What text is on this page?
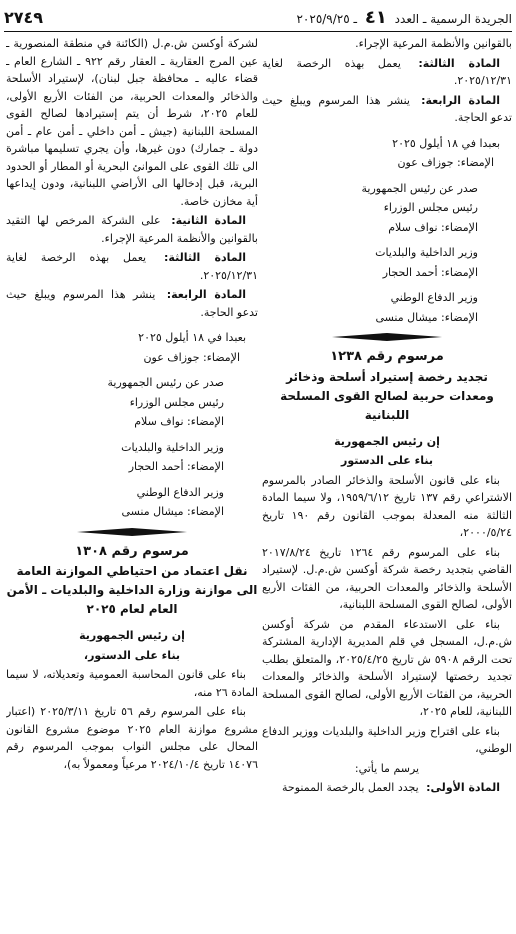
الجريدة الرسمية ـ العدد ٤١ ـ ٢٠٢٥/٩/٢٥
٢٧٤٩

بالقوانين والأنظمة المرعية الإجراء.

المادة الثالثة: يعمل بهذه الرخصة لغاية ٢٠٢٥/١٢/٣١.

المادة الرابعة: ينشر هذا المرسوم ويبلغ حيث تدعو الحاجة.

بعبدا في ١٨ أيلول ٢٠٢٥

الإمضاء: جوزاف عون

صدر عن رئيس الجمهورية

رئيس مجلس الوزراء

الإمضاء: نواف سلام

وزير الداخلية والبلديات

الإمضاء: أحمد الحجار

وزير الدفاع الوطني

الإمضاء: ميشال منسى

مرسوم رقم ١٢٣٨

تجديد رخصة إستيراد أسلحة وذخائر ومعدات حربية لصالح القوى المسلحة اللبنانية

إن رئيس الجمهورية

بناء على الدستور

بناء على قانون الأسلحة والذخائر الصادر بالمرسوم الاشتراعي رقم ١٣٧ تاريخ ١٩٥٩/٦/١٢، ولا سيما المادة الثالثة منه المعدلة بموجب القانون رقم ١٩٠ تاريخ ٢٠٠٠/٥/٢٤،

بناء على المرسوم رقم ١٢٦٤ تاريخ ٢٠١٧/٨/٢٤ القاضي بتجديد رخصة شركة أوكسن ش.م.ل. لإستيراد الأسلحة والذخائر والمعدات الحربية، من الفئات الأربع الأولى، لصالح القوى المسلحة اللبنانية،

بناء على الاستدعاء المقدم من شركة أوكسن ش.م.ل، المسجل في قلم المديرية الإدارية المشتركة تحت الرقم ٥٩٠٨ ش تاريخ ٢٠٢٥/٤/٢٥، والمتعلق بطلب تجديد رخصتها لإستيراد الأسلحة والذخائر والمعدات الحربية، من الفئات الأربع الأولى، لصالح القوى المسلحة اللبنانية، للعام ٢٠٢٥،

بناء على اقتراح وزير الداخلية والبلديات ووزير الدفاع الوطني،

يرسم ما يأتي:

المادة الأولى: يجدد العمل بالرخصة الممنوحة

لشركة أوكسن ش.م.ل (الكائنة في منطقة المنصورية ـ عين المرج العقارية ـ العقار رقم ٩٢٢ ـ الشارع العام ـ قضاء عاليه ـ محافظة جبل لبنان)، لإستيراد الأسلحة والذخائر والمعدات الحربية، من الفئات الأربع الأولى، للعام ٢٠٢٥، شرط أن يتم إستيرادها لصالح القوى المسلحة اللبنانية (جيش ـ أمن داخلي ـ أمن عام ـ أمن دولة ـ جمارك) دون غيرها، وأن يجري تسليمها مباشرة الى تلك القوى على الموانئ البحرية أو المطار أو الحدود البرية، قبل إدخالها الى الأراضي اللبنانية، ودون إيداعها أية مخازن خاصة.

المادة الثانية: على الشركة المرخص لها التقيد بالقوانين والأنظمة المرعية الإجراء.

المادة الثالثة: يعمل بهذه الرخصة لغاية ٢٠٢٥/١٢/٣١.

المادة الرابعة: ينشر هذا المرسوم ويبلغ حيث تدعو الحاجة.

بعبدا في ١٨ أيلول ٢٠٢٥

الإمضاء: جوزاف عون

صدر عن رئيس الجمهورية

رئيس مجلس الوزراء

الإمضاء: نواف سلام

وزير الداخلية والبلديات

الإمضاء: أحمد الحجار

وزير الدفاع الوطني

الإمضاء: ميشال منسى

مرسوم رقم ١٣٠٨

نقل اعتماد من احتياطي الموازنة العامة الى موازنة وزارة الداخلية والبلديات ـ الأمن العام لعام ٢٠٢٥

إن رئيس الجمهورية

بناء على الدستور،

بناء على قانون المحاسبة العمومية وتعديلاته، لا سيما المادة ٢٦ منه،

بناء على المرسوم رقم ٥٦ تاريخ ٢٠٢٥/٣/١١ (اعتبار مشروع موازنة العام ٢٠٢٥ موضوع مشروع القانون المحال على مجلس النواب بموجب المرسوم رقم ١٤٠٧٦ تاريخ ٢٠٢٤/١٠/٤ مرعياً ومعمولاً به)،
